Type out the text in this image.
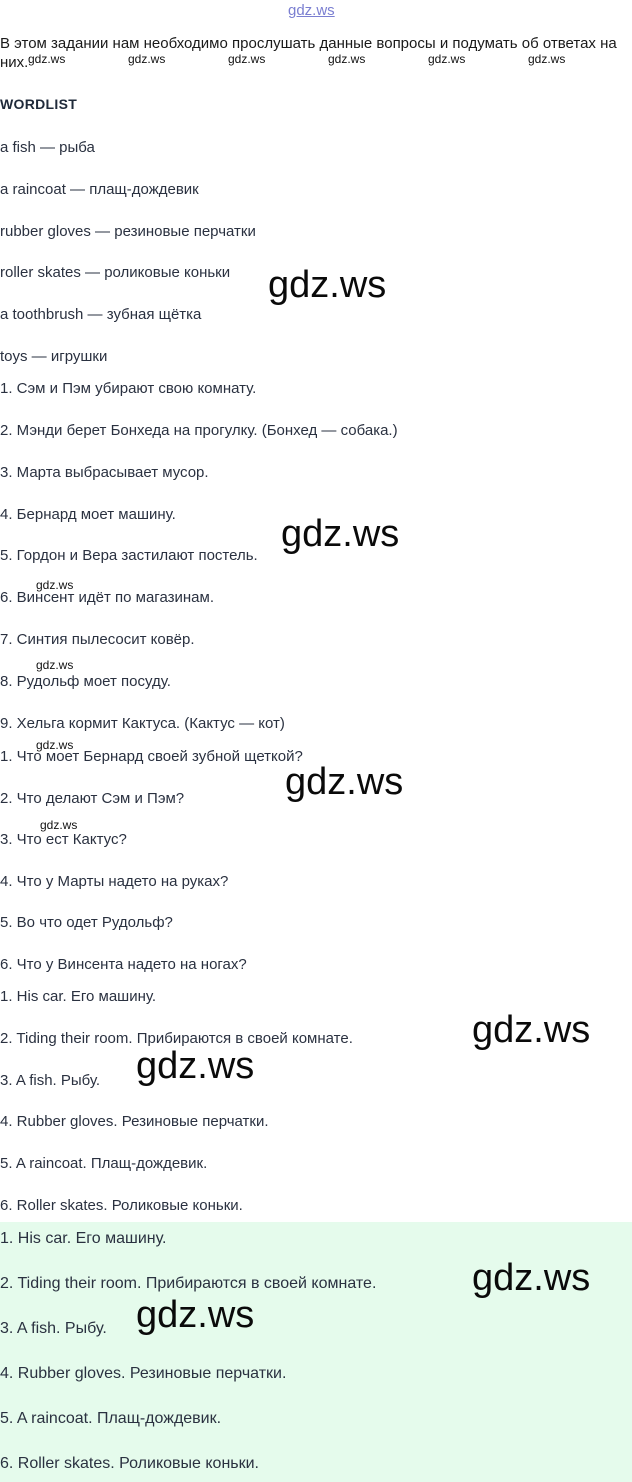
gdz.ws
В этом задании нам необходимо прослушать данные вопросы и подумать об ответах на них. gdz.ws	gdz.ws	gdz.ws	gdz.ws	gdz.ws	gdz.ws
WORDLIST
a fish — рыба
a raincoat — плащ-дождевик
rubber gloves — резиновые перчатки
roller skates — роликовые коньки
a toothbrush — зубная щётка
toys — игрушки
1. Сэм и Пэм убирают свою комнату.
2. Мэнди берет Бонхеда на прогулку. (Бонхед — собака.)
3. Марта выбрасывает мусор.
4. Бернард моет машину.
5. Гордон и Вера застилают постель.
6. Винсент идёт по магазинам.
7. Синтия пылесосит ковёр.
8. Рудольф моет посуду.
9. Хельга кормит Кактуса. (Кактус — кот)
1. Что моет Бернард своей зубной щеткой?
2. Что делают Сэм и Пэм?
3. Что ест Кактус?
4. Что у Марты надето на руках?
5. Во что одет Рудольф?
6. Что у Винсента надето на ногах?
1. His car. Его машину.
2. Tiding their room. Прибираются в своей комнате.
3. A fish. Рыбу.
4. Rubber gloves. Резиновые перчатки.
5. A raincoat. Плащ-дождевик.
6. Roller skates. Роликовые коньки.
1. His car. Его машину.
2. Tiding their room. Прибираются в своей комнате.
3. A fish. Рыбу.
4. Rubber gloves. Резиновые перчатки.
5. A raincoat. Плащ-дождевик.
6. Roller skates. Роликовые коньки.
gdz.ws
gdz.ws
gdz.ws
gdz.ws
gdz.ws
gdz.ws
gdz.ws
gdz.ws
gdz.ws
gdz.ws
gdz.ws
